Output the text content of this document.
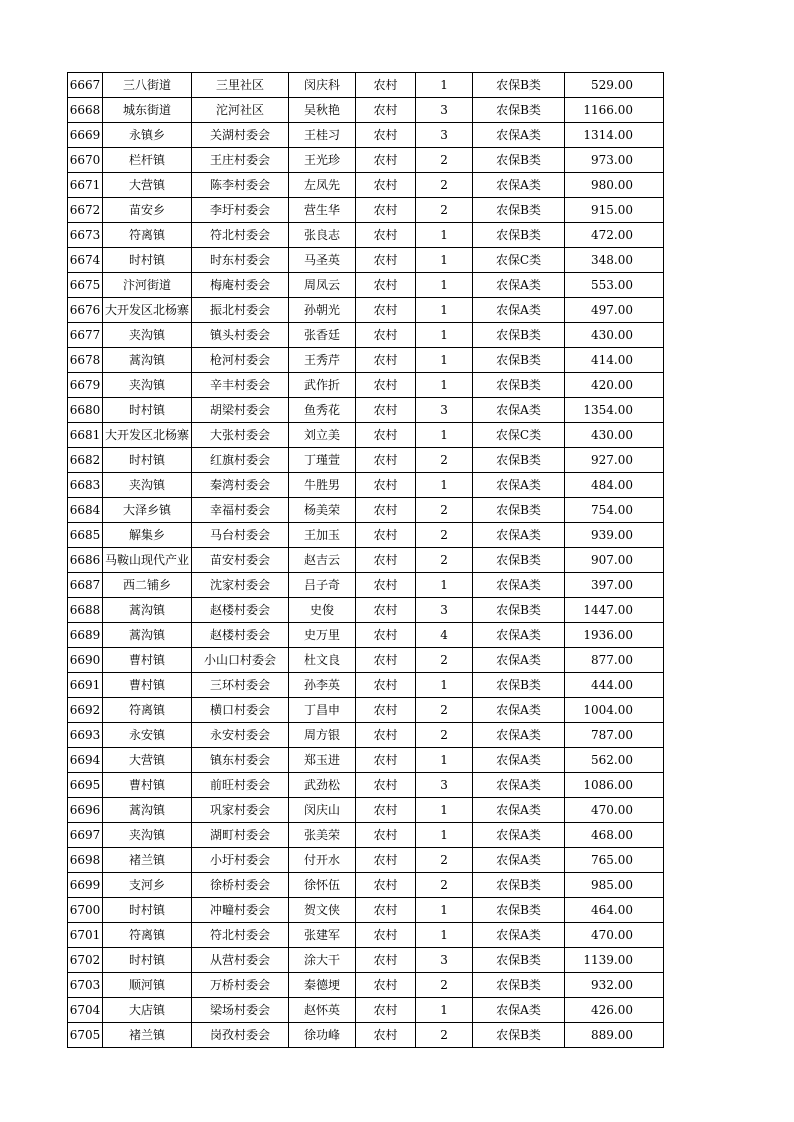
6667	三八街道	三里社区	闵庆科	农村	1	农保B类	529.00
6668	城东街道	沱河社区	吴秋艳	农村	3	农保B类	1166.00
6669	永镇乡	关湖村委会	王桂习	农村	3	农保A类	1314.00
6670	栏杆镇	王庄村委会	王光珍	农村	2	农保B类	973.00
6671	大营镇	陈李村委会	左凤先	农村	2	农保A类	980.00
6672	苗安乡	李圩村委会	营生华	农村	2	农保B类	915.00
6673	符离镇	符北村委会	张良志	农村	1	农保B类	472.00
6674	时村镇	时东村委会	马圣英	农村	1	农保C类	348.00
6675	汴河街道	梅庵村委会	周凤云	农村	1	农保A类	553.00
6676	大开发区北杨寨	振北村委会	孙朝光	农村	1	农保A类	497.00
6677	夹沟镇	镇头村委会	张香廷	农村	1	农保B类	430.00
6678	蒿沟镇	枪河村委会	王秀芹	农村	1	农保B类	414.00
6679	夹沟镇	辛丰村委会	武作折	农村	1	农保B类	420.00
6680	时村镇	胡梁村委会	鱼秀花	农村	3	农保A类	1354.00
6681	大开发区北杨寨	大张村委会	刘立美	农村	1	农保C类	430.00
6682	时村镇	红旗村委会	丁瑾萱	农村	2	农保B类	927.00
6683	夹沟镇	秦湾村委会	牛胜男	农村	1	农保A类	484.00
6684	大泽乡镇	幸福村委会	杨美荣	农村	2	农保B类	754.00
6685	解集乡	马台村委会	王加玉	农村	2	农保A类	939.00
6686	马鞍山现代产业	苗安村委会	赵吉云	农村	2	农保B类	907.00
6687	西二铺乡	沈家村委会	吕子奇	农村	1	农保A类	397.00
6688	蒿沟镇	赵楼村委会	史俊	农村	3	农保B类	1447.00
6689	蒿沟镇	赵楼村委会	史万里	农村	4	农保A类	1936.00
6690	曹村镇	小山口村委会	杜文良	农村	2	农保A类	877.00
6691	曹村镇	三环村委会	孙李英	农村	1	农保B类	444.00
6692	符离镇	横口村委会	丁昌申	农村	2	农保A类	1004.00
6693	永安镇	永安村委会	周方银	农村	2	农保A类	787.00
6694	大营镇	镇东村委会	郑玉进	农村	1	农保A类	562.00
6695	曹村镇	前旺村委会	武劲松	农村	3	农保A类	1086.00
6696	蒿沟镇	巩家村委会	闵庆山	农村	1	农保A类	470.00
6697	夹沟镇	湖町村委会	张美荣	农村	1	农保A类	468.00
6698	褚兰镇	小圩村委会	付开水	农村	2	农保A类	765.00
6699	支河乡	徐桥村委会	徐怀伍	农村	2	农保B类	985.00
6700	时村镇	冲疃村委会	贺文侠	农村	1	农保B类	464.00
6701	符离镇	符北村委会	张建军	农村	1	农保A类	470.00
6702	时村镇	从营村委会	涂大干	农村	3	农保B类	1139.00
6703	顺河镇	万桥村委会	秦德埂	农村	2	农保B类	932.00
6704	大店镇	梁场村委会	赵怀英	农村	1	农保A类	426.00
6705	褚兰镇	岗孜村委会	徐功峰	农村	2	农保B类	889.00
